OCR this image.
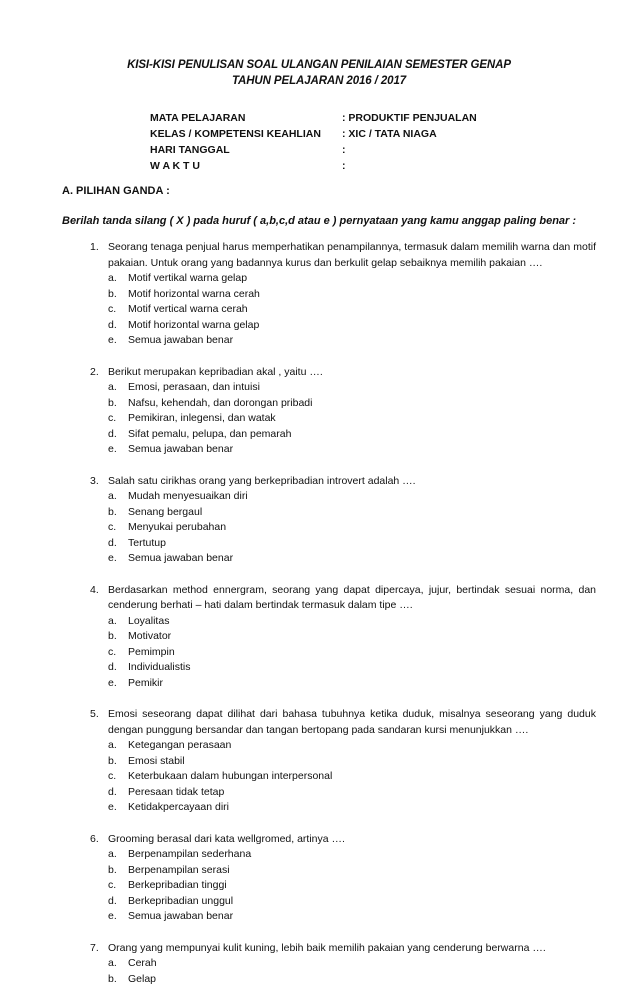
KISI-KISI PENULISAN SOAL ULANGAN PENILAIAN SEMESTER GENAP
TAHUN PELAJARAN 2016 / 2017
MATA PELAJARAN	: PRODUKTIF PENJUALAN
KELAS / KOMPETENSI KEAHLIAN : XIC / TATA NIAGA
HARI TANGGAL	:
W A K T U	:
A. PILIHAN GANDA :
Berilah tanda silang ( X ) pada huruf ( a,b,c,d atau e ) pernyataan yang kamu anggap paling benar :
1. Seorang tenaga penjual harus memperhatikan penampilannya, termasuk dalam memilih warna dan motif pakaian. Untuk orang yang badannya kurus dan berkulit gelap sebaiknya memilih pakaian ….
a. Motif vertikal warna gelap
b. Motif horizontal warna cerah
c. Motif vertical warna cerah
d. Motif horizontal warna gelap
e. Semua jawaban benar
2. Berikut merupakan kepribadian akal , yaitu ….
a. Emosi, perasaan, dan intuisi
b. Nafsu, kehendah, dan dorongan pribadi
c. Pemikiran, inlegensi, dan watak
d. Sifat pemalu, pelupa, dan pemarah
e. Semua jawaban benar
3. Salah satu cirikhas orang yang berkepribadian introvert adalah ….
a. Mudah menyesuaikan diri
b. Senang bergaul
c. Menyukai perubahan
d. Tertutup
e. Semua jawaban benar
4. Berdasarkan method ennergram, seorang yang dapat dipercaya, jujur, bertindak sesuai norma, dan cenderung berhati – hati dalam bertindak termasuk dalam tipe ….
a. Loyalitas
b. Motivator
c. Pemimpin
d. Individualistis
e. Pemikir
5. Emosi seseorang dapat dilihat dari bahasa tubuhnya ketika duduk, misalnya seseorang yang duduk dengan punggung bersandar dan tangan bertopang pada sandaran kursi menunjukkan ….
a. Ketegangan perasaan
b. Emosi stabil
c. Keterbukaan dalam hubungan interpersonal
d. Peresaan tidak tetap
e. Ketidakpercayaan diri
6. Grooming berasal dari kata wellgromed, artinya ….
a. Berpenampilan sederhana
b. Berpenampilan serasi
c. Berkepribadian tinggi
d. Berkepribadian unggul
e. Semua jawaban benar
7. Orang yang mempunyai kulit kuning, lebih baik memilih pakaian yang cenderung berwarna ….
a. Cerah
b. Gelap
